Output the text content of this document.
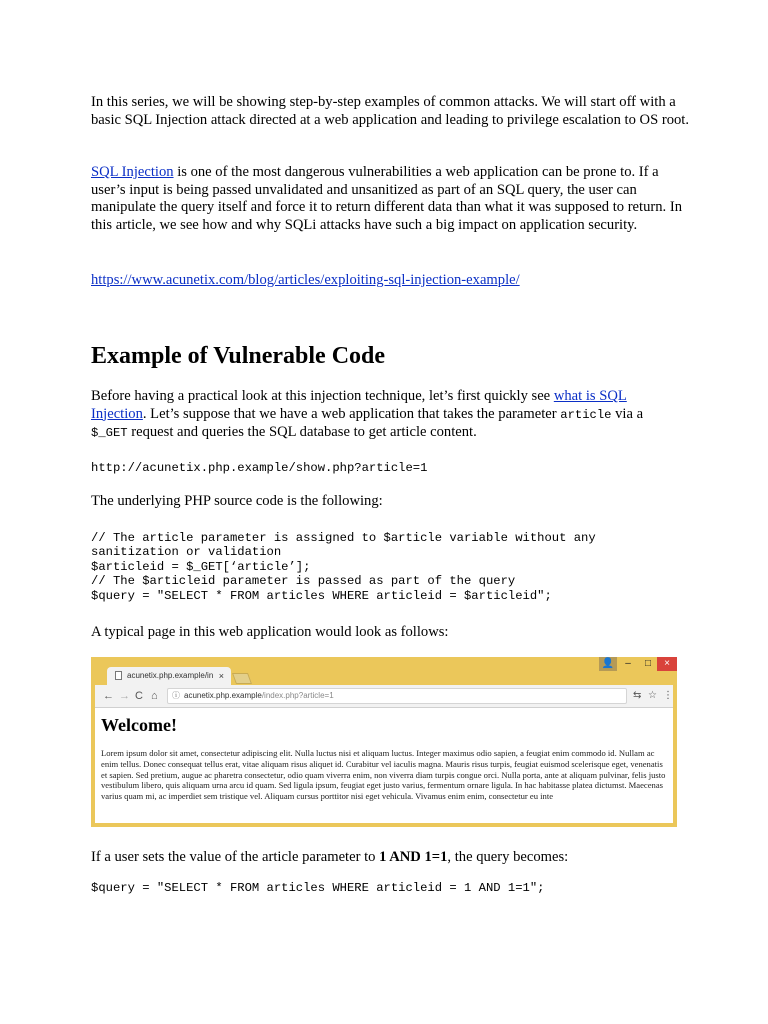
In this series, we will be showing step-by-step examples of common attacks. We will start off with a basic SQL Injection attack directed at a web application and leading to privilege escalation to OS root.

SQL Injection is one of the most dangerous vulnerabilities a web application can be prone to. If a user’s input is being passed unvalidated and unsanitized as part of an SQL query, the user can manipulate the query itself and force it to return different data than what it was supposed to return. In this article, we see how and why SQLi attacks have such a big impact on application security.

https://www.acunetix.com/blog/articles/exploiting-sql-injection-example/

Example of Vulnerable Code

Before having a practical look at this injection technique, let’s first quickly see what is SQL Injection. Let’s suppose that we have a web application that takes the parameter article via a $_GET request and queries the SQL database to get article content.

http://acunetix.php.example/show.php?article=1

The underlying PHP source code is the following:

// The article parameter is assigned to $article variable without any
sanitization or validation
$articleid = $_GET[‘article’];
// The $articleid parameter is passed as part of the query
$query = "SELECT * FROM articles WHERE articleid = $articleid";

A typical page in this web application would look as follows:

If a user sets the value of the article parameter to 1 AND 1=1, the query becomes:

$query = "SELECT * FROM articles WHERE articleid = 1 AND 1=1";
acunetix.php.example/in ×
👤	–	□	×
← → C ⌂	ⓘ acunetix.php.example/index.php?article=1	⇆ ☆ ⋮
Welcome!
Lorem ipsum dolor sit amet, consectetur adipiscing elit. Nulla luctus nisi et aliquam luctus. Integer maximus odio sapien, a feugiat enim commodo id. Nullam ac enim tellus. Donec consequat tellus erat, vitae aliquam risus aliquet id. Curabitur vel iaculis magna. Mauris risus turpis, feugiat euismod scelerisque eget, venenatis et sapien. Sed pretium, augue ac pharetra consectetur, odio quam viverra enim, non viverra diam turpis congue orci. Nulla porta, ante at aliquam pulvinar, felis justo vestibulum libero, quis aliquam urna arcu id quam. Sed ligula ipsum, feugiat eget justo varius, fermentum ornare ligula. In hac habitasse platea dictumst. Maecenas varius quam mi, ac imperdiet sem tristique vel. Aliquam cursus porttitor nisi eget vehicula. Vivamus enim enim, consectetur eu inte
